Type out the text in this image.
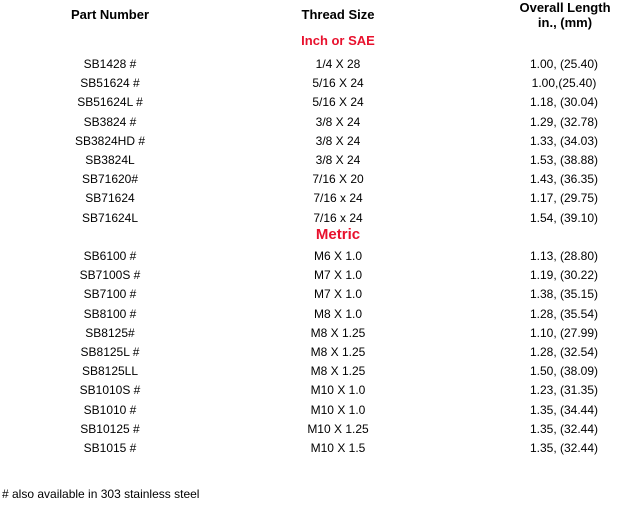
Part Number	Thread Size	Overall Length
in., (mm)
Inch or SAE
SB1428 #	1/4 X 28	1.00, (25.40)
SB51624 #	5/16 X 24	1.00,(25.40)
SB51624L #	5/16 X 24	1.18, (30.04)
SB3824 #	3/8 X 24	1.29, (32.78)
SB3824HD #	3/8 X 24	1.33, (34.03)
SB3824L	3/8 X 24	1.53, (38.88)
SB71620#	7/16 X 20	1.43, (36.35)
SB71624	7/16 x 24	1.17, (29.75)
SB71624L	7/16 x 24	1.54, (39.10)
Metric
SB6100 #	M6 X 1.0	1.13, (28.80)
SB7100S #	M7 X 1.0	1.19, (30.22)
SB7100 #	M7 X 1.0	1.38, (35.15)
SB8100 #	M8 X 1.0	1.28, (35.54)
SB8125#	M8 X 1.25	1.10, (27.99)
SB8125L #	M8 X 1.25	1.28, (32.54)
SB8125LL	M8 X 1.25	1.50, (38.09)
SB1010S #	M10 X 1.0	1.23, (31.35)
SB1010 #	M10 X 1.0	1.35, (34.44)
SB10125 #	M10 X 1.25	1.35, (32.44)
SB1015 #	M10 X 1.5	1.35, (32.44)
# also available in 303 stainless steel
